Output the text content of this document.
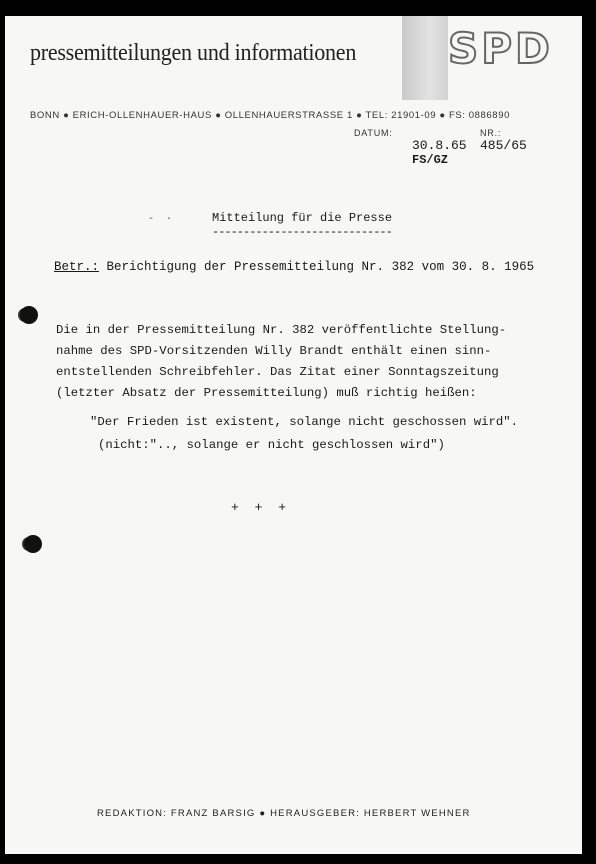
pressemitteilungen und informationen SPD
BONN ● ERICH-OLLENHAUER-HAUS ● OLLENHAUERSTRASSE 1 ● TEL: 21901-09 ● FS: 0886890
DATUM:	NR.:
30.8.65 485/65
FS/GZ
-  ·	Mitteilung für die Presse
-----------------------------
Betr.: Berichtigung der Pressemitteilung Nr. 382 vom 30. 8. 1965
Die in der Pressemitteilung Nr. 382 veröffentlichte Stellung-
nahme des SPD-Vorsitzenden Willy Brandt enthält einen sinn-
entstellenden Schreibfehler. Das Zitat einer Sonntagszeitung
(letzter Absatz der Pressemitteilung) muß richtig heißen:
"Der Frieden ist existent, solange nicht geschossen wird".
(nicht:".., solange er nicht geschlossen wird")
+ + +
REDAKTION: FRANZ BARSIG ● HERAUSGEBER: HERBERT WEHNER
